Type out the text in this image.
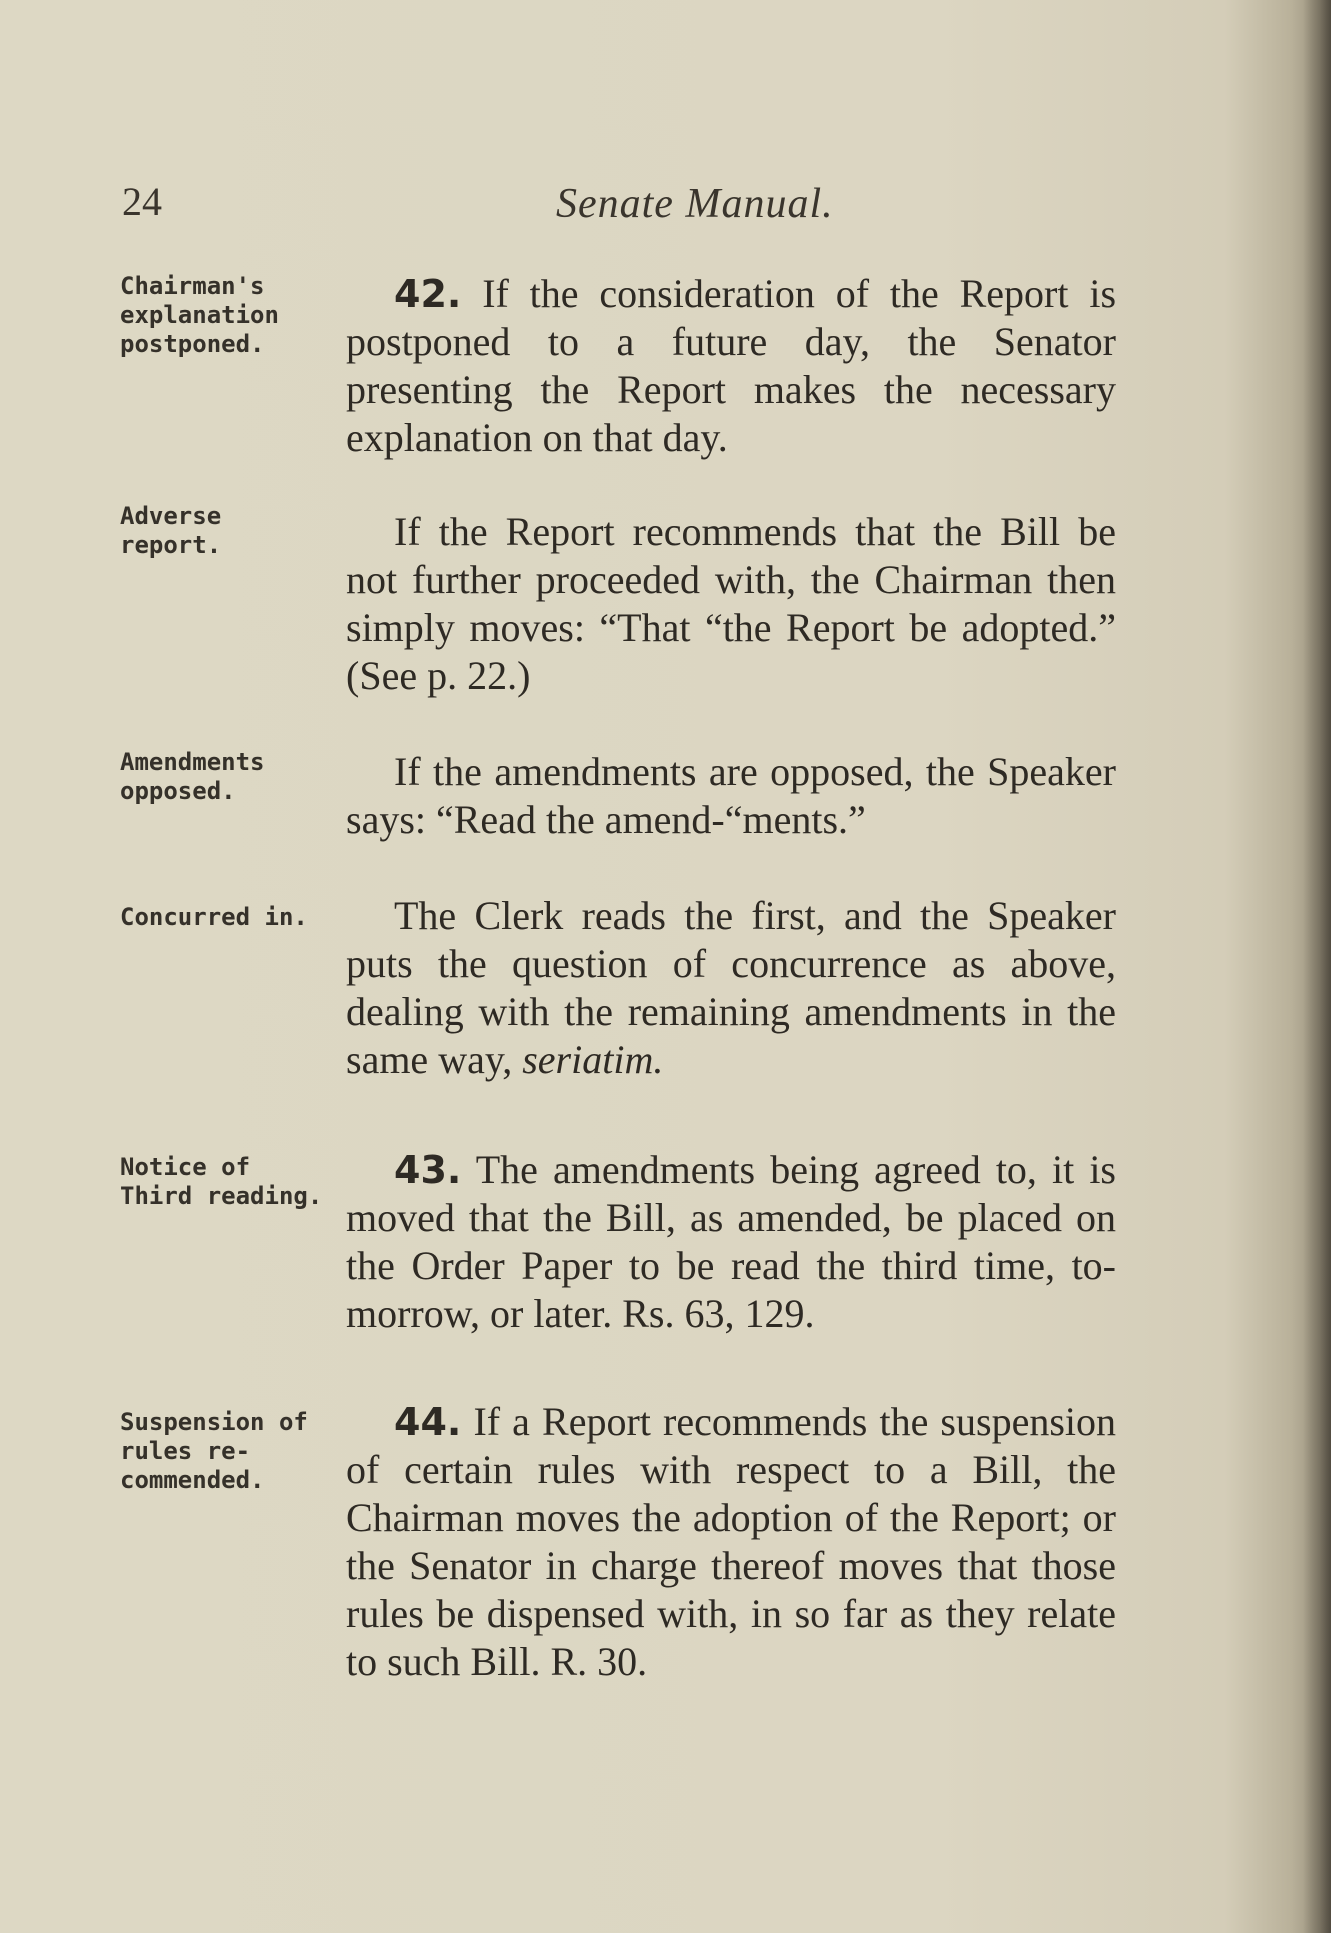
24	Senate Manual.
Chairman's explanation postponed.
Adverse report.
Amendments opposed.
Concurred in.
Notice of Third reading.
Suspension of rules re-commended.
42. If the consideration of the Report is postponed to a future day, the Senator presenting the Report makes the necessary explanation on that day.
If the Report recommends that the Bill be not further proceeded with, the Chairman then simply moves: “That “the Report be adopted.” (See p. 22.)
If the amendments are opposed, the Speaker says: “Read the amend-“ments.”
The Clerk reads the first, and the Speaker puts the question of concurrence as above, dealing with the remaining amendments in the same way, seriatim.
43. The amendments being agreed to, it is moved that the Bill, as amended, be placed on the Order Paper to be read the third time, to-morrow, or later. Rs. 63, 129.
44. If a Report recommends the suspension of certain rules with respect to a Bill, the Chairman moves the adoption of the Report; or the Senator in charge thereof moves that those rules be dispensed with, in so far as they relate to such Bill. R. 30.
